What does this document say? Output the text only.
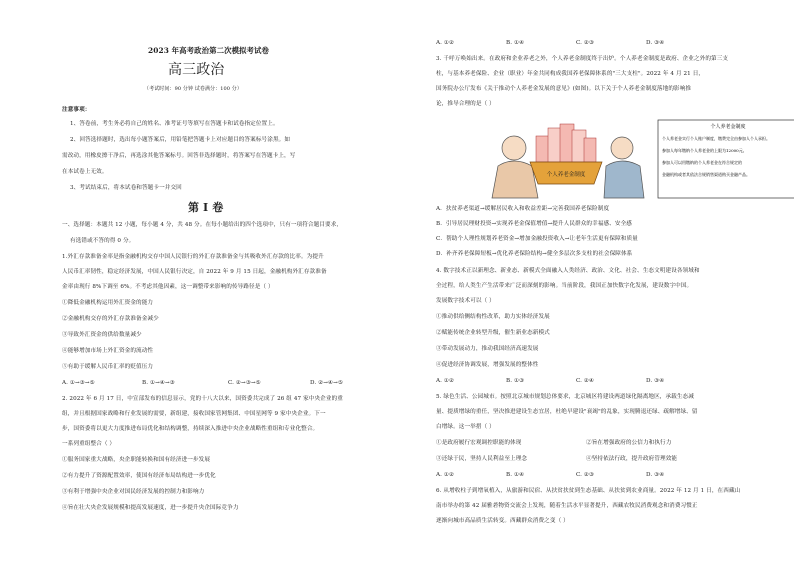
2023 年高考政治第二次模拟考试卷
高三政治
（考试时间：90 分钟 试卷满分：100 分）
注意事项：
1、答卷前，考生务必将自己的姓名、准考证号等填写在答题卡和试卷指定位置上。
2、回答选择题时，选出每小题答案后，用铅笔把答题卡上对应题目的答案标号涂黑。如
需改动，用橡皮擦干净后，再选涂其他答案标号。回答非选择题时，将答案写在答题卡上，写
在本试卷上无效。
3、考试结束后，将本试卷和答题卡一并交回
第 I 卷
一、选择题：本题共 12 小题，每小题 4 分，共 48 分。在每小题给出的四个选项中，只有一项符合题目要求，
有选错或不答的得 0 分。
1.外汇存款准备金率是指金融机构交存中国人民银行的外汇存款准备金与其吸收外汇存款的比率。为提升
人民币汇率韧性，稳定经济发展，中国人民银行决定，自 2022 年 9 月 15 日起，金融机构外汇存款准备
金率由现行 8%下调至 6%。不考虑其他因素，这一调整带来影响的传导路径是（ ）
①降低金融机构运用外汇资金的能力
②金融机构交存的外汇存款准备金减少
③导致外汇资金的供给数量减少
④能够增加市场上外汇资金的流动性
⑤有助于缓解人民币汇率的贬值压力
A. ①→③→⑤	B. ①→④→③	C. ②→③→⑤	D. ②→④→⑤
2. 2022 年 6 月 17 日，中宣部发布的信息显示，党的十八大以来，国资委共完成了 26 组 47 家中央企业的重
组，并且根据国家战略和行业发展的需要，新组建，接收国家管网集团、中国星网等 9 家中央企业。下一
步，国资委将以更大力度推进布局优化和结构调整，持续深入推进中央企业战略性重组和专业化整合。
一系列重组整合（ ）
①服务国家重大战略，央企职能转换和国有经济进一步发展
②有力提升了资源配置效率，使国有经济布局结构进一步优化
③有利于增强中央企业对国民经济发展的控制力和影响力
④旨在壮大央企发展规模和提高发展速度，进一步提升央企国际竞争力
A. ①②	B. ①④	C. ②③	D. ③④
3. 千呼万唤始出来。在政府和企业养老之外，个人养老金制度终于出炉。个人养老金制度是政府、企业之外的第三支
柱，与基本养老保险、企业（职业）年金共同构成我国养老保障体系的"三大支柱"。2022 年 4 月 21 日，
国务院办公厅发布《关于推动个人养老金发展的意见》(如图)。以下关于个人养老金制度落地的影响推
论，推导合理的是（ ）
个人养老金制度
个人养老金制度
个人养老金实行个人账户制度，缴费完全由参加人个人承担。
参加人每年缴纳个人养老金的上限为12000元。
参加人可以用缴纳的个人养老金在符合规定的
金融机构或者其依法合规销售渠道购买金融产品。
A．扶贫养老渠道→缓解居民收入和收益差距→完善我国养老保险制度
B．引导居民理财投资→实现养老金保值增值→提升人民群众的幸福感、安全感
C．帮助个人理性规划养老资金→增加金融投资收入→让老年生活更有保障和质量
D．补齐养老保障短板→优化养老保险结构→健全多层次多支柱的社会保障体系
4. 数字技术正以新理念、新业态、新模式全面融入人类经济、政治、文化、社会、生态文明建设各领域和
全过程，给人类生产生活带来广泛而深刻的影响。当前阶段，我国正加快数字化发展，建设数字中国。
发展数字技术可以（ ）
①推动供给侧结构性改革，助力实体经济发展
②赋能传统企业转型升级，催生新业态新模式
③带动发展动力，推动我国经济高速发展
④促进经济协调发展，增强发展的整体性
A. ①②	B. ①③	C. ②④	D. ③④
5. 绿色生活、公园城市。按照北京城市规划总体要求，北京城区将建设两道绿化隔离地区，承载生态减
量、提质增绿的重任，坚决推进建设生态宜居，杜绝早建设"衰竭"的乱象，实现腾退还绿、疏解增绿、留
白增绿。这一举措（ ）
①是政府履行宏观调控职能的体现	②旨在增强政府的公信力和执行力
③还绿于民，坚持人民利益至上理念	④坚持依法行政，提升政府管理效能
A. ①②	B. ①④	C. ②③	D. ③④
6. 从增收柱子到增氧植入，从旅游和民宿、从扶贫扶贫到生态基础、从扶贫到农业商量。2022 年 12 月 1 日，在西藏山
南市举办的第 42 届雅砻物资交流会上发现，随着生活水平显著提升，西藏农牧民消费观念和消费习惯正
逐渐向城市高品质生活转变。西藏群众消费之变（ ）
